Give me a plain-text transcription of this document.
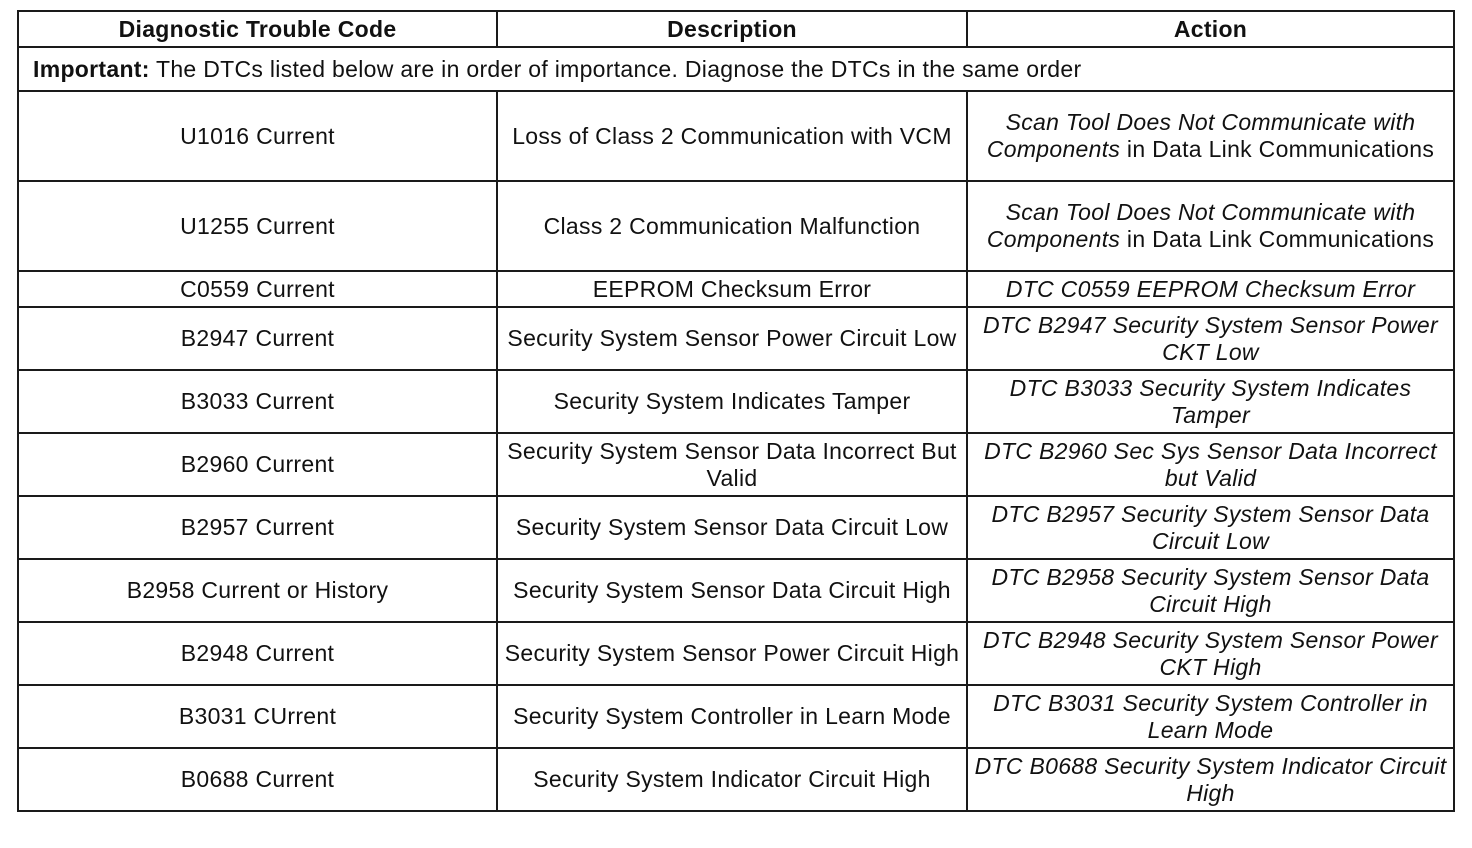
Diagnostic Trouble Code	Description	Action
Important: The DTCs listed below are in order of importance. Diagnose the DTCs in the same order		
U1016 Current	Loss of Class 2 Communication with VCM	Scan Tool Does Not Communicate with Components in Data Link Communications
U1255 Current	Class 2 Communication Malfunction	Scan Tool Does Not Communicate with Components in Data Link Communications
C0559 Current	EEPROM Checksum Error	DTC C0559 EEPROM Checksum Error
B2947 Current	Security System Sensor Power Circuit Low	DTC B2947 Security System Sensor Power CKT Low
B3033 Current	Security System Indicates Tamper	DTC B3033 Security System Indicates Tamper
B2960 Current	Security System Sensor Data Incorrect But Valid	DTC B2960 Sec Sys Sensor Data Incorrect but Valid
B2957 Current	Security System Sensor Data Circuit Low	DTC B2957 Security System Sensor Data Circuit Low
B2958 Current or History	Security System Sensor Data Circuit High	DTC B2958 Security System Sensor Data Circuit High
B2948 Current	Security System Sensor Power Circuit High	DTC B2948 Security System Sensor Power CKT High
B3031 CUrrent	Security System Controller in Learn Mode	DTC B3031 Security System Controller in Learn Mode
B0688 Current	Security System Indicator Circuit High	DTC B0688 Security System Indicator Circuit High
